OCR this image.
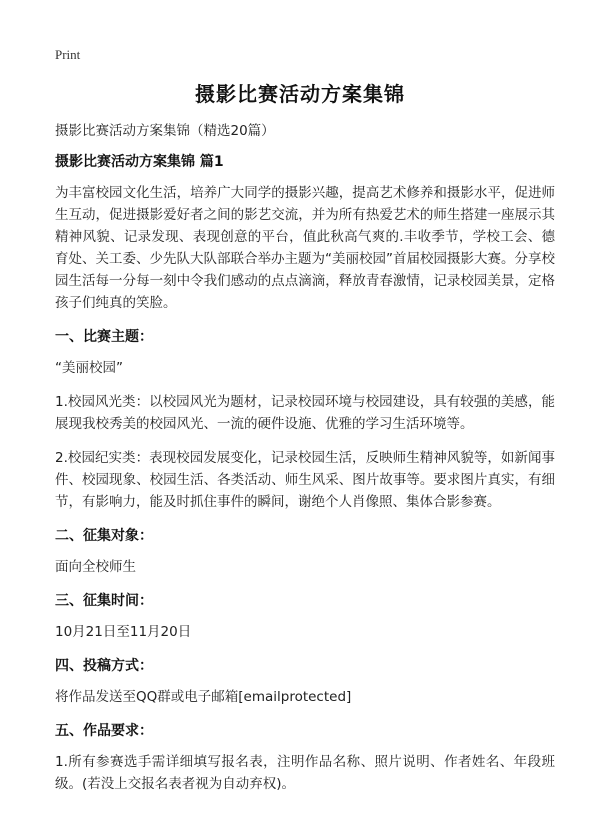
Print
摄影比赛活动方案集锦
摄影比赛活动方案集锦（精选20篇）
摄影比赛活动方案集锦 篇1
为丰富校园文化生活，培养广大同学的摄影兴趣，提高艺术修养和摄影水平，促进师生互动，促进摄影爱好者之间的影艺交流，并为所有热爱艺术的师生搭建一座展示其精神风貌、记录发现、表现创意的平台，值此秋高气爽的.丰收季节，学校工会、德育处、关工委、少先队大队部联合举办主题为“美丽校园”首届校园摄影大赛。分享校园生活每一分每一刻中令我们感动的点点滴滴，释放青春激情，记录校园美景，定格孩子们纯真的笑脸。
一、比赛主题：
“美丽校园”
1.校园风光类：以校园风光为题材，记录校园环境与校园建设，具有较强的美感，能展现我校秀美的校园风光、一流的硬件设施、优雅的学习生活环境等。
2.校园纪实类：表现校园发展变化，记录校园生活，反映师生精神风貌等，如新闻事件、校园现象、校园生活、各类活动、师生风采、图片故事等。要求图片真实，有细节，有影响力，能及时抓住事件的瞬间，谢绝个人肖像照、集体合影参赛。
二、征集对象：
面向全校师生
三、征集时间：
10月21日至11月20日
四、投稿方式：
将作品发送至QQ群或电子邮箱[emailprotected]
五、作品要求：
1.所有参赛选手需详细填写报名表，注明作品名称、照片说明、作者姓名、年段班级。(若没上交报名表者视为自动弃权)。
